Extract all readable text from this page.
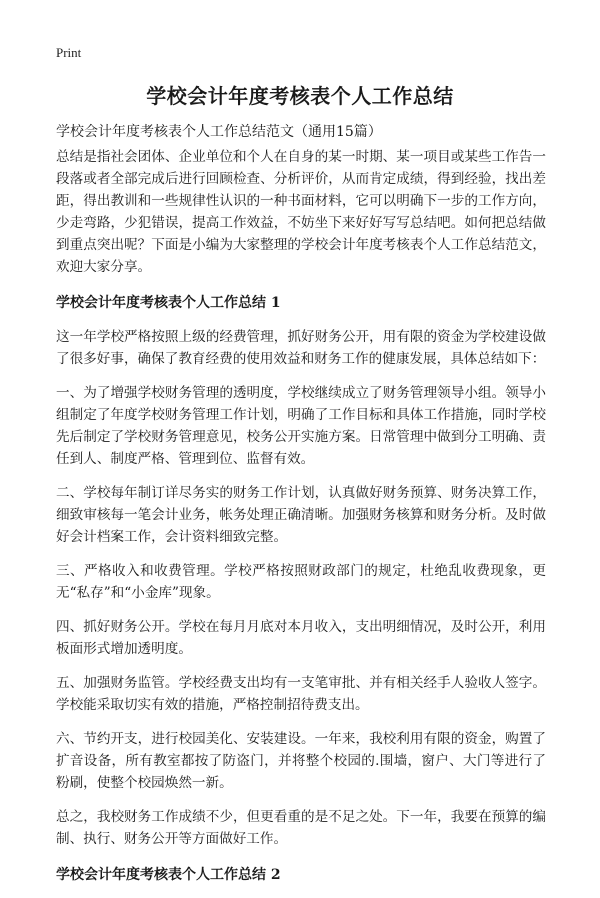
Print
学校会计年度考核表个人工作总结

学校会计年度考核表个人工作总结范文（通用15篇）

总结是指社会团体、企业单位和个人在自身的某一时期、某一项目或某些工作告一段落或者全部完成后进行回顾检查、分析评价，从而肯定成绩，得到经验，找出差距，得出教训和一些规律性认识的一种书面材料，它可以明确下一步的工作方向，少走弯路，少犯错误，提高工作效益，不妨坐下来好好写写总结吧。如何把总结做到重点突出呢？下面是小编为大家整理的学校会计年度考核表个人工作总结范文，欢迎大家分享。

学校会计年度考核表个人工作总结 1

这一年学校严格按照上级的经费管理，抓好财务公开，用有限的资金为学校建设做了很多好事，确保了教育经费的使用效益和财务工作的健康发展，具体总结如下：

一、为了增强学校财务管理的透明度，学校继续成立了财务管理领导小组。领导小组制定了年度学校财务管理工作计划，明确了工作目标和具体工作措施，同时学校先后制定了学校财务管理意见，校务公开实施方案。日常管理中做到分工明确、责任到人、制度严格、管理到位、监督有效。

二、学校每年制订详尽务实的财务工作计划，认真做好财务预算、财务决算工作，细致审核每一笔会计业务，帐务处理正确清晰。加强财务核算和财务分析。及时做好会计档案工作，会计资料细致完整。

三、严格收入和收费管理。学校严格按照财政部门的规定，杜绝乱收费现象，更无“私存”和“小金库”现象。

四、抓好财务公开。学校在每月月底对本月收入，支出明细情况，及时公开，利用板面形式增加透明度。

五、加强财务监管。学校经费支出均有一支笔审批、并有相关经手人验收人签字。学校能采取切实有效的措施，严格控制招待费支出。

六、节约开支，进行校园美化、安装建设。一年来，我校利用有限的资金，购置了扩音设备，所有教室都按了防盗门，并将整个校园的.围墙，窗户、大门等进行了粉刷，使整个校园焕然一新。

总之，我校财务工作成绩不少，但更看重的是不足之处。下一年，我要在预算的编制、执行、财务公开等方面做好工作。

学校会计年度考核表个人工作总结 2
